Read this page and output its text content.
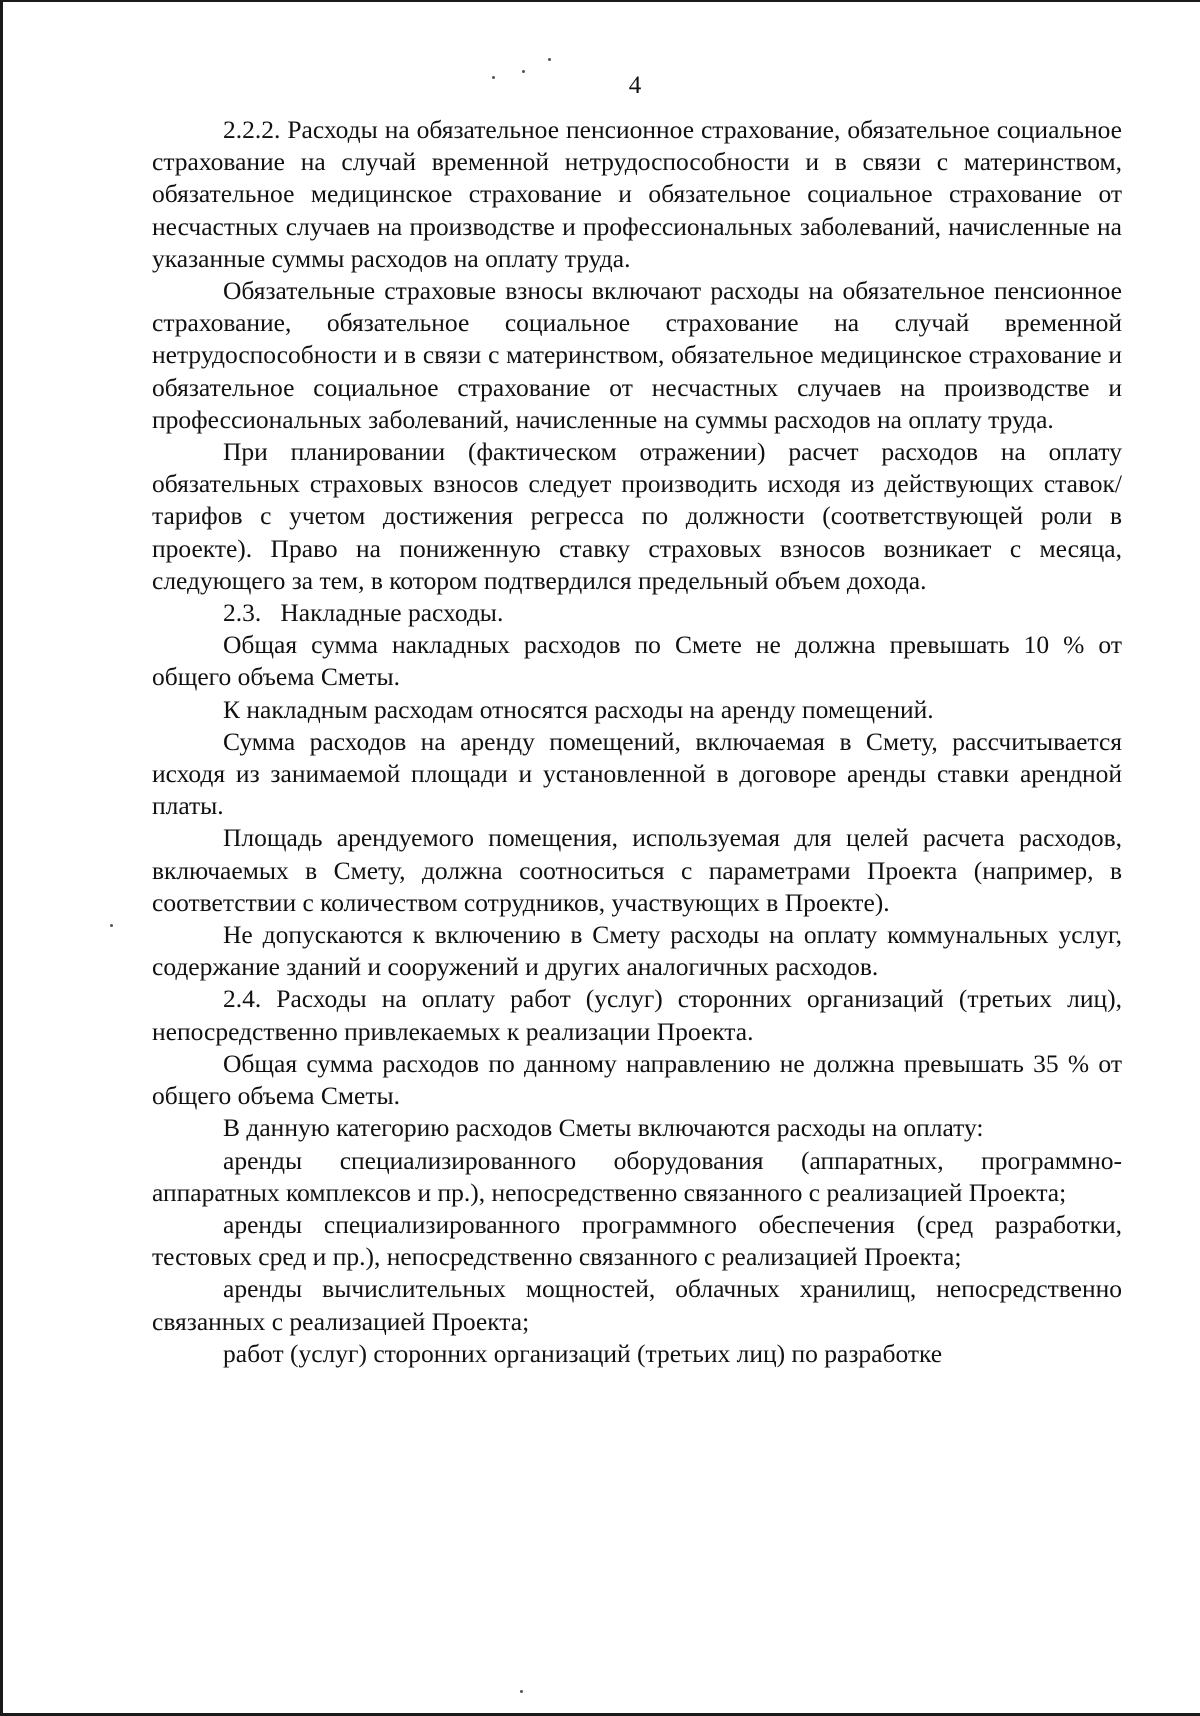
4

2.2.2. Расходы на обязательное пенсионное страхование, обязательное социальное страхование на случай временной нетрудоспособности и в связи с материнством, обязательное медицинское страхование и обязательное социальное страхование от несчастных случаев на производстве и профессиональных заболеваний, начисленные на указанные суммы расходов на оплату труда.

Обязательные страховые взносы включают расходы на обязательное пенсионное страхование, обязательное социальное страхование на случай временной нетрудоспособности и в связи с материнством, обязательное медицинское страхование и обязательное социальное страхование от несчастных случаев на производстве и профессиональных заболеваний, начисленные на суммы расходов на оплату труда.

При планировании (фактическом отражении) расчет расходов на оплату обязательных страховых взносов следует производить исходя из действующих ставок/тарифов с учетом достижения регресса по должности (соответствующей роли в проекте). Право на пониженную ставку страховых взносов возникает с месяца, следующего за тем, в котором подтвердился предельный объем дохода.

2.3.   Накладные расходы.

Общая сумма накладных расходов по Смете не должна превышать 10 % от общего объема Сметы.

К накладным расходам относятся расходы на аренду помещений.

Сумма расходов на аренду помещений, включаемая в Смету, рассчитывается исходя из занимаемой площади и установленной в договоре аренды ставки арендной платы.

Площадь арендуемого помещения, используемая для целей расчета расходов, включаемых в Смету, должна соотноситься с параметрами Проекта (например, в соответствии с количеством сотрудников, участвующих в Проекте).

Не допускаются к включению в Смету расходы на оплату коммунальных услуг, содержание зданий и сооружений и других аналогичных расходов.

2.4. Расходы на оплату работ (услуг) сторонних организаций (третьих лиц), непосредственно привлекаемых к реализации Проекта.

Общая сумма расходов по данному направлению не должна превышать 35 % от общего объема Сметы.

В данную категорию расходов Сметы включаются расходы на оплату:

аренды специализированного оборудования (аппаратных, программно-аппаратных комплексов и пр.), непосредственно связанного с реализацией Проекта;

аренды специализированного программного обеспечения (сред разработки, тестовых сред и пр.), непосредственно связанного с реализацией Проекта;

аренды вычислительных мощностей, облачных хранилищ, непосредственно связанных с реализацией Проекта;

работ (услуг) сторонних организаций (третьих лиц) по разработке
